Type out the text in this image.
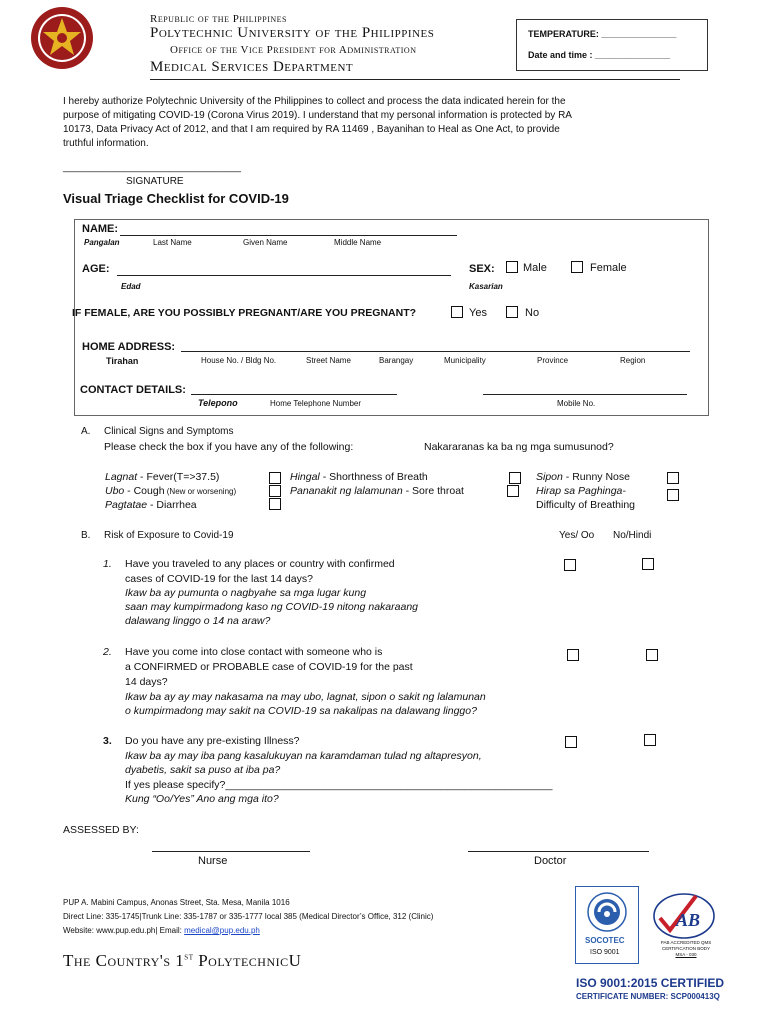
Republic of the Philippines
Polytechnic University of the Philippines
Office of the Vice President for Administration
Medical Services Department
TEMPERATURE: _______________
Date and time : _______________
I hereby authorize Polytechnic University of the Philippines to collect and process the data indicated herein for the
purpose of mitigating COVID-19 (Corona Virus 2019). I understand that my personal information is protected by RA
10173, Data Privacy Act of 2012, and that I am required by RA 11469 , Bayanihan to Heal as One Act, to provide
truthful information.
________________________________
SIGNATURE
Visual Triage Checklist for COVID-19
NAME:
Pangalan	Last Name	Given Name	Middle Name
AGE:
Edad
SEX:	Male	Female
Kasarian
IF FEMALE, ARE YOU POSSIBLY PREGNANT/ARE YOU PREGNANT?	Yes	No
HOME ADDRESS:
Tirahan	House No. / Bldg No.	Street Name	Barangay	Municipality	Province	Region
CONTACT DETAILS:
Telepono	Home Telephone Number	Mobile No.
A. Clinical Signs and Symptoms
Please check the box if you have any of the following:	Nakararanas ka ba ng mga sumusunod?
Lagnat - Fever(T=>37.5)
Ubo - Cough (New or worsening)
Pagtatae - Diarrhea
Hingal - Shorthness of Breath
Pananakit ng lalamunan - Sore throat
Sipon - Runny Nose
Hirap sa Paghinga-
Difficulty of Breathing
B. Risk of Exposure to Covid-19	Yes/ Oo No/Hindi
1. Have you traveled to any places or country with confirmed
cases of COVID-19 for the last 14 days?
Ikaw ba ay pumunta o nagbyahe sa mga lugar kung
saan may kumpirmadong kaso ng COVID-19 nitong nakaraang
dalawang linggo o 14 na araw?
2. Have you come into close contact with someone who is
a CONFIRMED or PROBABLE case of COVID-19 for the past
14 days?
Ikaw ba ay ay may nakasama na may ubo, lagnat, sipon o sakit ng lalamunan
o kumpirmadong may sakit na COVID-19 sa nakalipas na dalawang linggo?
3. Do you have any pre-existing Illness?
Ikaw ba ay may iba pang kasalukuyan na karamdaman tulad ng altapresyon,
dyabetis, sakit sa puso at iba pa?
If yes please specify?________________________________________________________
Kung “Oo/Yes” Ano ang mga ito?
ASSESSED BY:
Nurse	Doctor
PUP A. Mabini Campus, Anonas Street, Sta. Mesa, Manila 1016
Direct Line: 335-1745|Trunk Line: 335-1787 or 335-1777 local 385 (Medical Director’s Office, 312 (Clinic)
Website: www.pup.edu.ph| Email: medical@pup.edu.ph
The Country's 1st PolytechnicU
SOCOTEC
ISO 9001
AB
PAB ACCREDITED QMS CERTIFICATION BODY
MSA - 030
ISO 9001:2015 CERTIFIED
CERTIFICATE NUMBER: SCP000413Q
